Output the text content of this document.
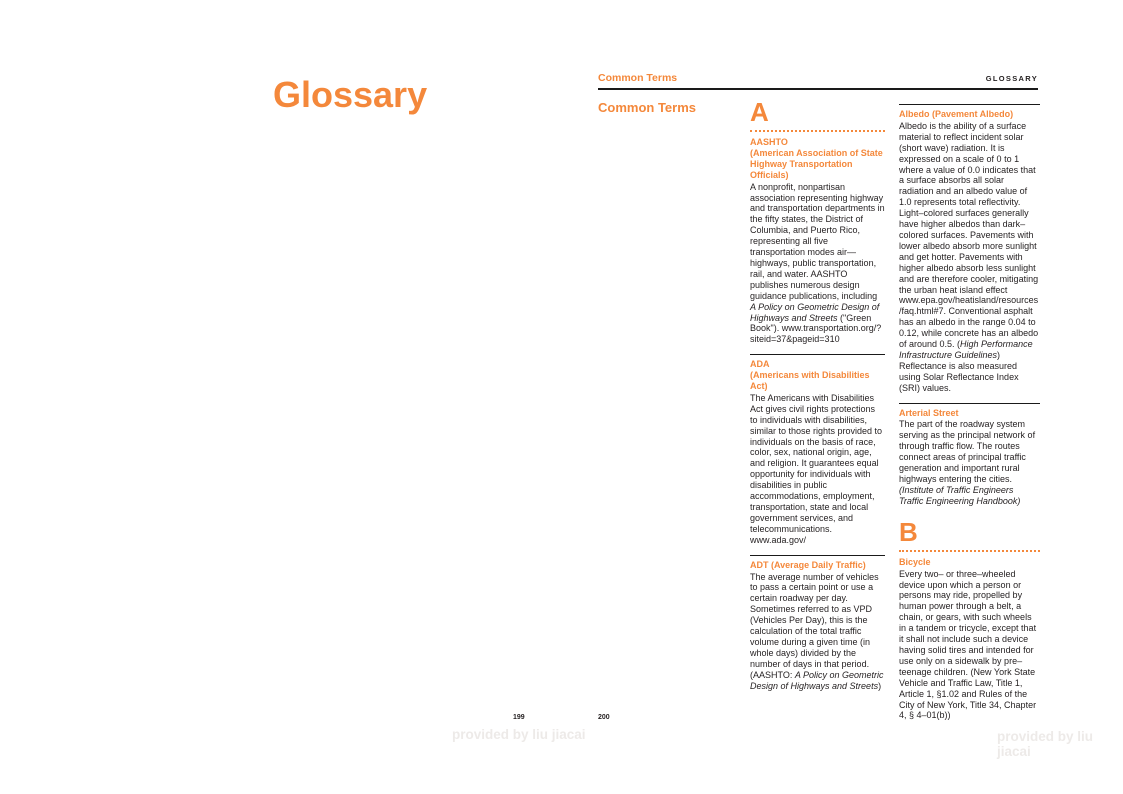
Glossary	Common Terms	GLOSSARY
Common Terms A
AASHTO
(American Association of State Highway Transportation Officials)

A nonprofit, nonpartisan association representing highway and transportation departments in the fifty states, the District of Columbia, and Puerto Rico, representing all five transportation modes air—highways, public transportation, rail, and water. AASHTO publishes numerous design guidance publications, including A Policy on Geometric Design of Highways and Streets ("Green Book"). www.transportation.org/?siteid=37&pageid=310

ADA
(Americans with Disabilities Act)

The Americans with Disabilities Act gives civil rights protections to individuals with disabilities, similar to those rights provided to individuals on the basis of race, color, sex, national origin, age, and religion. It guarantees equal opportunity for individuals with disabilities in public accommodations, employment, transportation, state and local government services, and telecommunications.
www.ada.gov/

ADT (Average Daily Traffic)

The average number of vehicles to pass a certain point or use a certain roadway per day. Sometimes referred to as VPD (Vehicles Per Day), this is the calculation of the total traffic volume during a given time (in whole days) divided by the number of days in that period. (AASHTO: A Policy on Geometric Design of Highways and Streets)

Albedo (Pavement Albedo)

Albedo is the ability of a surface material to reflect incident solar (short wave) radiation. It is expressed on a scale of 0 to 1 where a value of 0.0 indicates that a surface absorbs all solar radiation and an albedo value of 1.0 represents total reflectivity. Light–colored surfaces generally have higher albedos than dark–colored surfaces. Pavements with lower albedo absorb more sunlight and get hotter. Pavements with higher albedo absorb less sunlight and are therefore cooler, mitigating the urban heat island effect www.epa.gov/heatisland/resources/faq.html#7. Conventional asphalt has an albedo in the range 0.04 to 0.12, while concrete has an albedo of around 0.5. (High Performance Infrastructure Guidelines) Reflectance is also measured using Solar Reflectance Index (SRI) values.

Arterial Street

The part of the roadway system serving as the principal network of through traffic flow. The routes connect areas of principal traffic generation and important rural highways entering the cities.
(Institute of Traffic Engineers Traffic Engineering Handbook)

B
Bicycle

Every two– or three–wheeled device upon which a person or persons may ride, propelled by human power through a belt, a chain, or gears, with such wheels in a tandem or tricycle, except that it shall not include such a device having solid tires and intended for use only on a sidewalk by pre–teenage children. (New York State Vehicle and Traffic Law, Title 1, Article 1, §1.02 and Rules of the City of New York, Title 34, Chapter 4, § 4–01(b))

199	200
provided by liu jiacai	provided by liu jiacai
